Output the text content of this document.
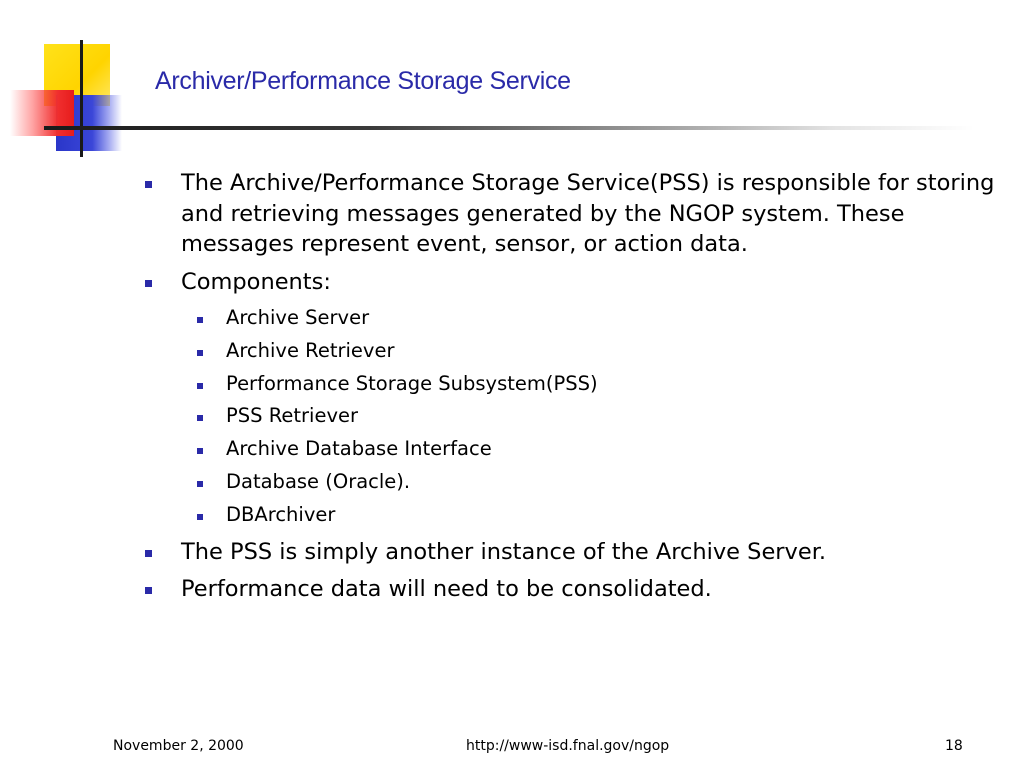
Archiver/Performance Storage Service
The Archive/Performance Storage Service(PSS) is responsible for storing and retrieving messages generated by the NGOP system. These messages represent event, sensor, or action data.
Components:
Archive Server
Archive Retriever
Performance Storage Subsystem(PSS)
PSS Retriever
Archive Database Interface
Database (Oracle).
DBArchiver
The PSS is simply another instance of the Archive Server.
Performance data will need to be consolidated.
November 2, 2000	http://www-isd.fnal.gov/ngop	18
